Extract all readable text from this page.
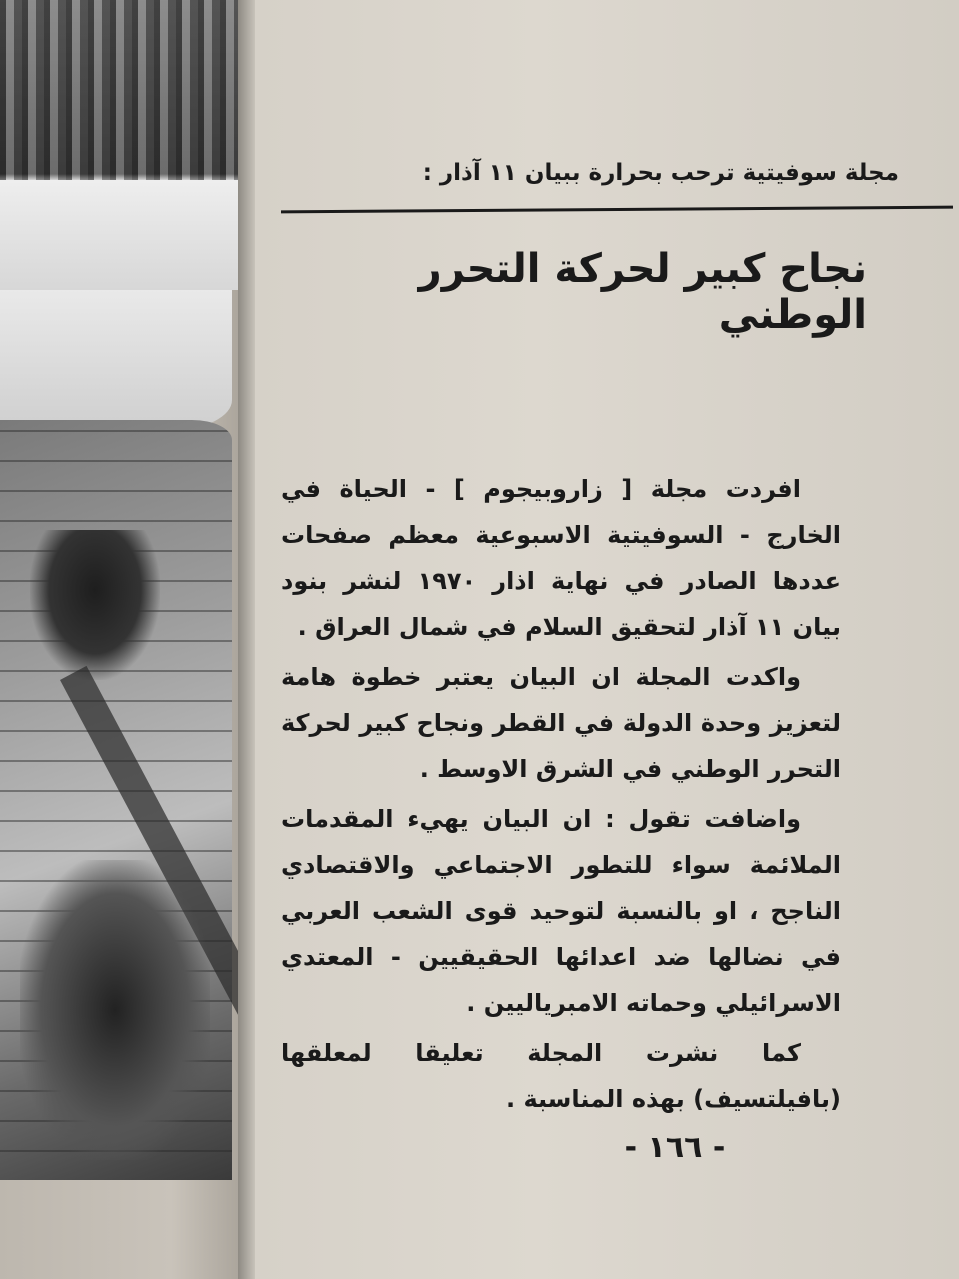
مجلة سوفيتية ترحب بحرارة ببيان ١١ آذار :
نجاح كبير لحركة التحرر الوطني

افردت مجلة [ زاروبيجوم ] - الحياة في الخارج - السوفيتية الاسبوعية معظم صفحات عددها الصادر في نهاية اذار ١٩٧٠ لنشر بنود بيان ١١ آذار لتحقيق السلام في شمال العراق .

واكدت المجلة ان البيان يعتبر خطوة هامة لتعزيز وحدة الدولة في القطر ونجاح كبير لحركة التحرر الوطني في الشرق الاوسط .

واضافت تقول : ان البيان يهيء المقدمات الملائمة سواء للتطور الاجتماعي والاقتصادي الناجح ، او بالنسبة لتوحيد قوى الشعب العربي في نضالها ضد اعدائها الحقيقيين - المعتدي الاسرائيلي وحماته الامبرياليين .

كما نشرت المجلة تعليقا لمعلقها (بافيلتسيف) بهذه المناسبة .

- ١٦٦ -
